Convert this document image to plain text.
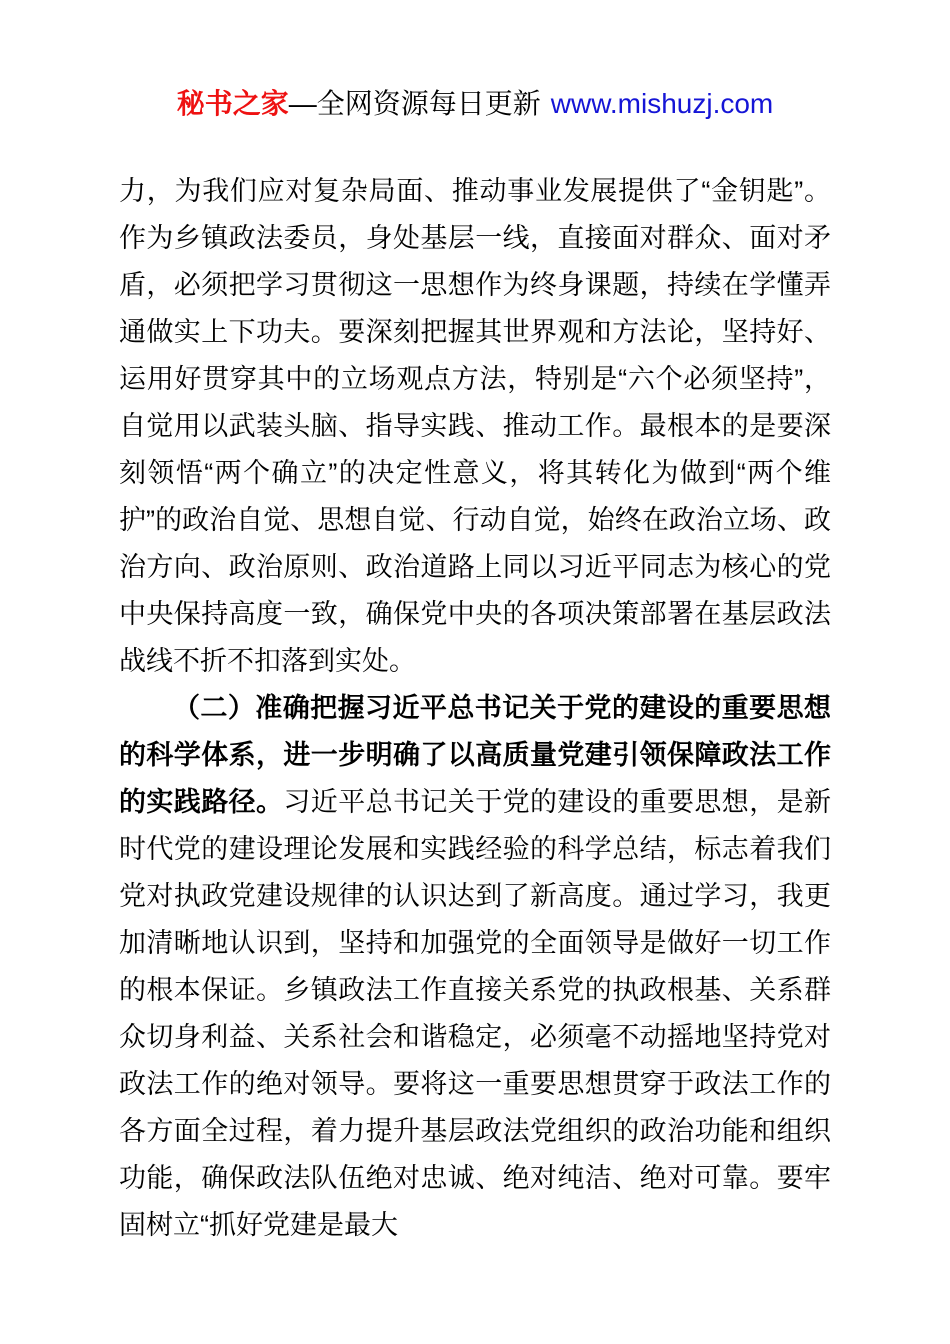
秘书之家—全网资源每日更新 www.mishuzj.com

力，为我们应对复杂局面、推动事业发展提供了“金钥匙”。作为乡镇政法委员，身处基层一线，直接面对群众、面对矛盾，必须把学习贯彻这一思想作为终身课题，持续在学懂弄通做实上下功夫。要深刻把握其世界观和方法论，坚持好、运用好贯穿其中的立场观点方法，特别是“六个必须坚持”，自觉用以武装头脑、指导实践、推动工作。最根本的是要深刻领悟“两个确立”的决定性意义，将其转化为做到“两个维护”的政治自觉、思想自觉、行动自觉，始终在政治立场、政治方向、政治原则、政治道路上同以习近平同志为核心的党中央保持高度一致，确保党中央的各项决策部署在基层政法战线不折不扣落到实处。

（二）准确把握习近平总书记关于党的建设的重要思想的科学体系，进一步明确了以高质量党建引领保障政法工作的实践路径。习近平总书记关于党的建设的重要思想，是新时代党的建设理论发展和实践经验的科学总结，标志着我们党对执政党建设规律的认识达到了新高度。通过学习，我更加清晰地认识到，坚持和加强党的全面领导是做好一切工作的根本保证。乡镇政法工作直接关系党的执政根基、关系群众切身利益、关系社会和谐稳定，必须毫不动摇地坚持党对政法工作的绝对领导。要将这一重要思想贯穿于政法工作的各方面全过程，着力提升基层政法党组织的政治功能和组织功能，确保政法队伍绝对忠诚、绝对纯洁、绝对可靠。要牢固树立“抓好党建是最大
